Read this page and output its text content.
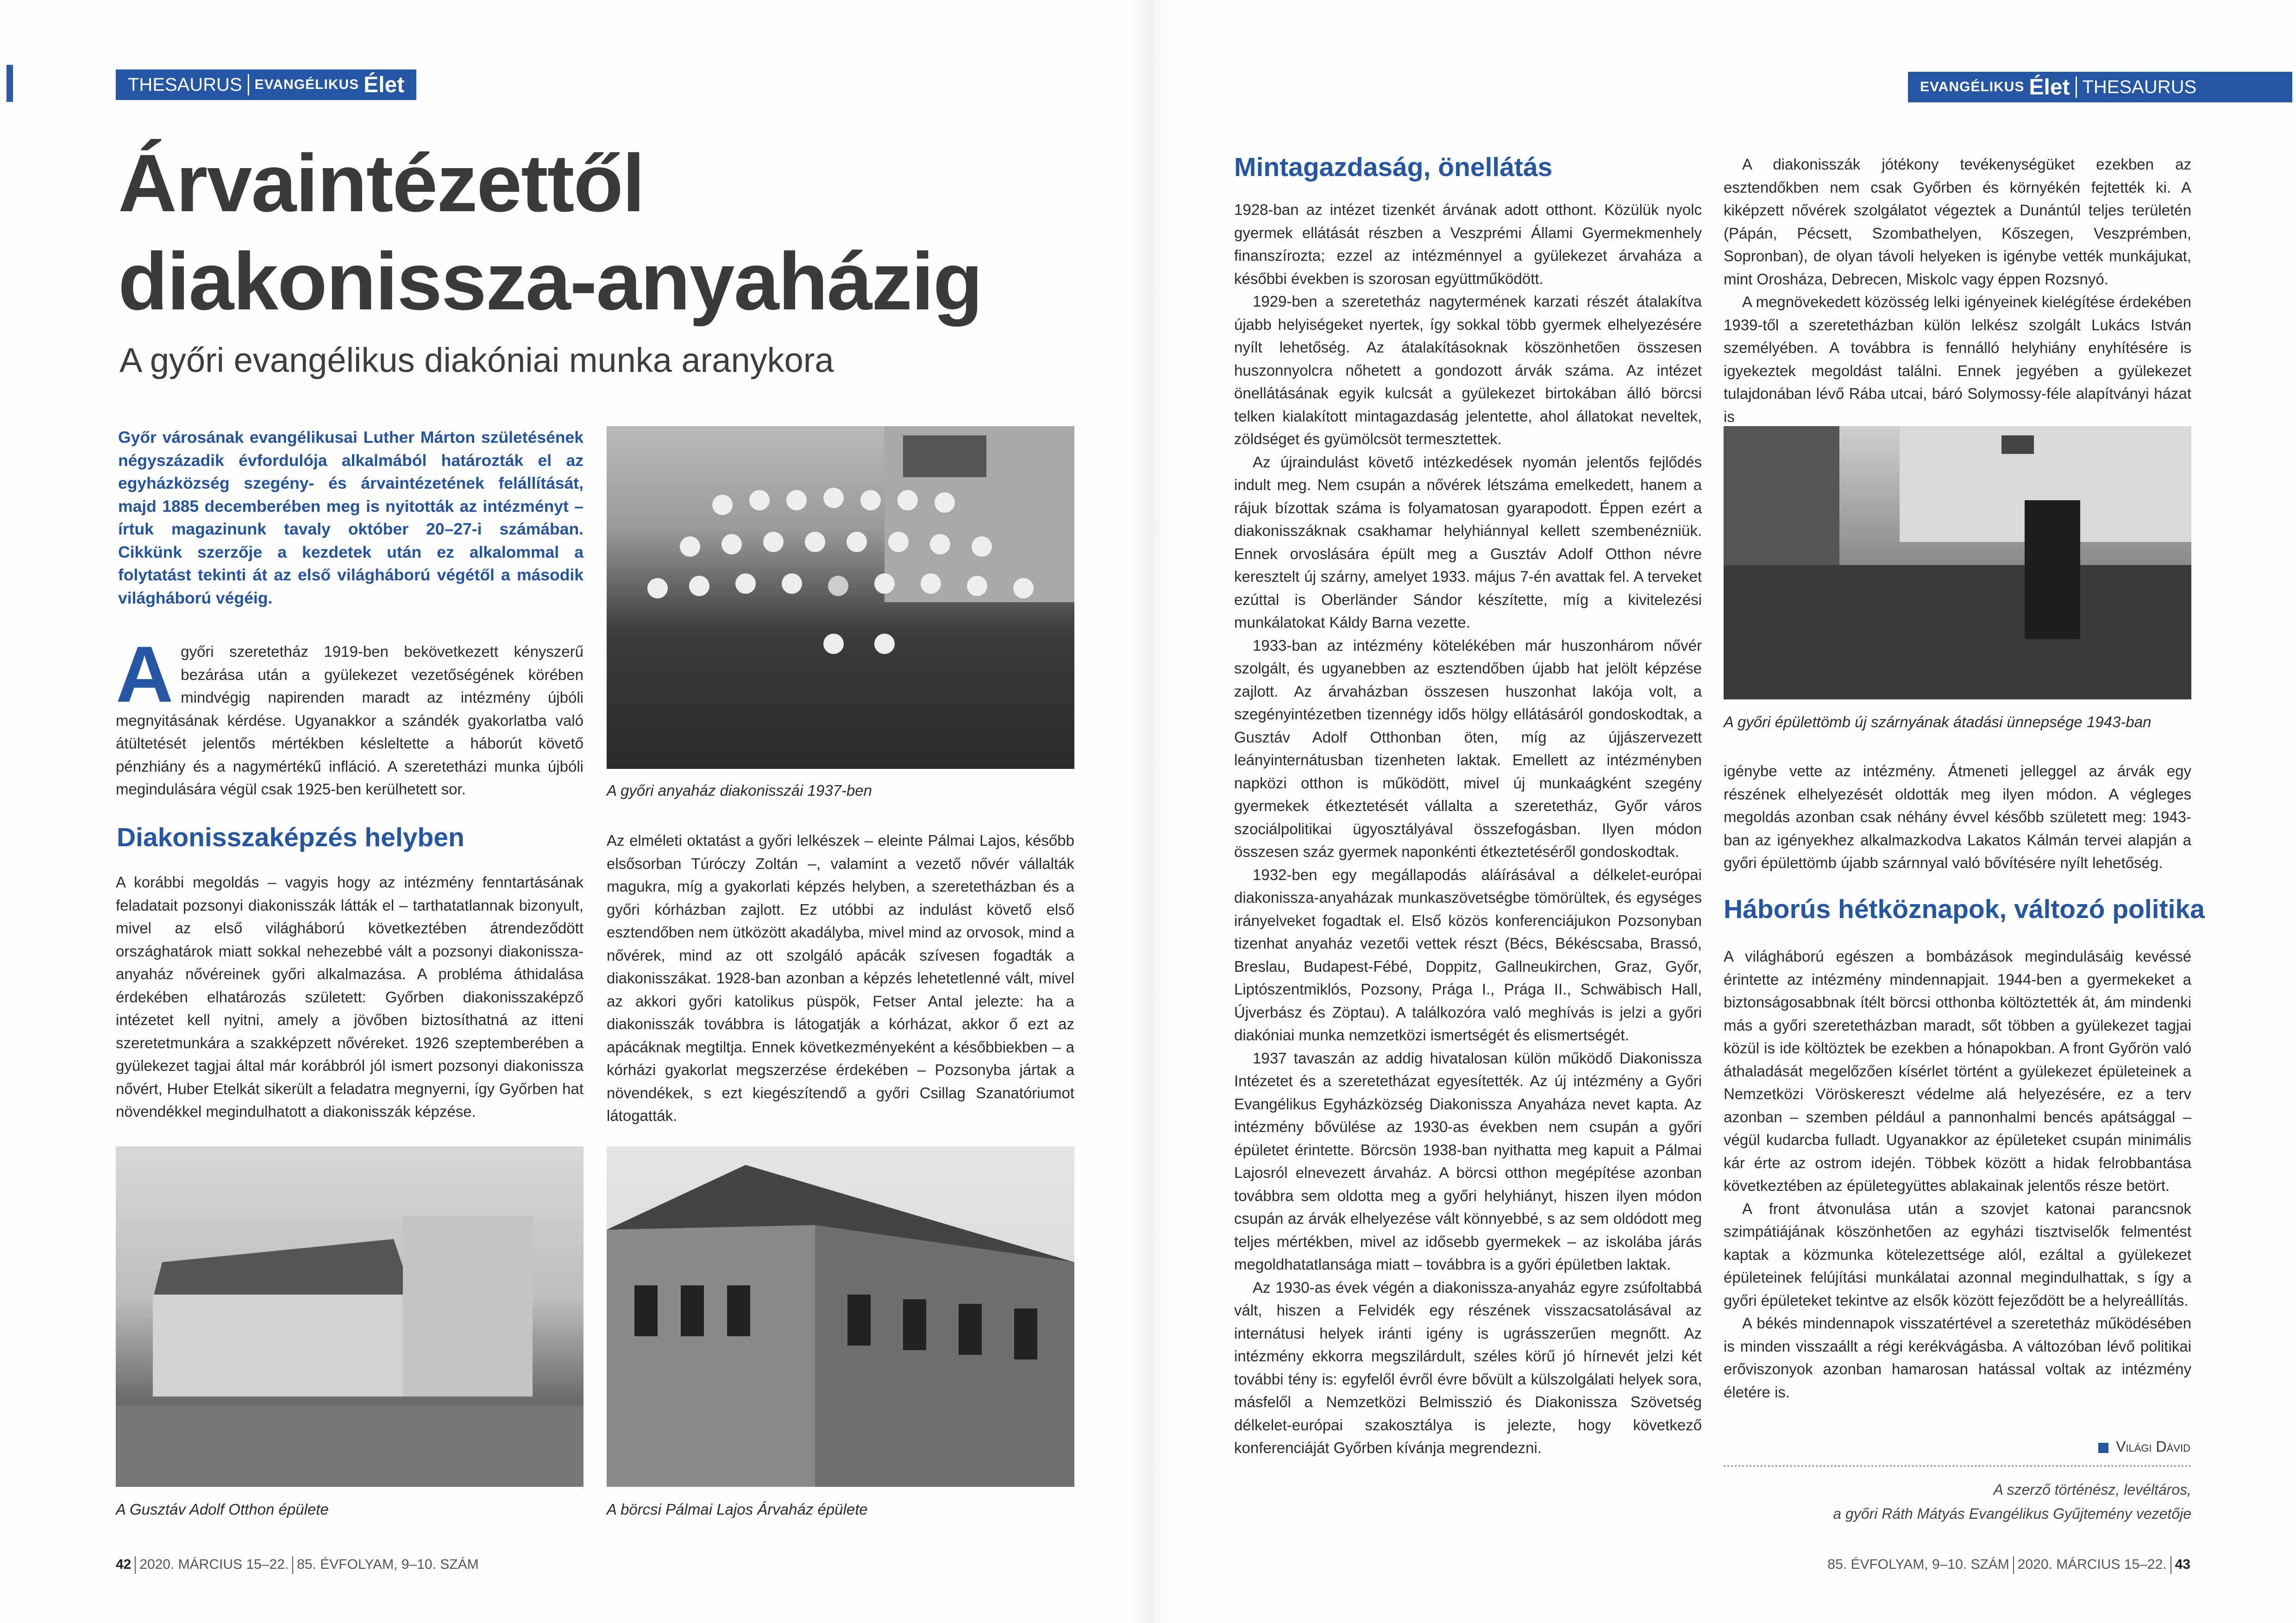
THESAURUS EVANGÉLIKUS Élet
Árvaintézettől
diakonissza-anyaházig
A győri evangélikus diakóniai munka aranykora
Győr városának evangélikusai Luther Márton születésének négyszázadik évfordulója alkalmából határozták el az egyházközség szegény- és árvaintézetének felállítását, majd 1885 decemberében meg is nyitották az intézményt – írtuk magazinunk tavaly október 20–27-i számában. Cikkünk szerzője a kezdetek után ez alkalommal a folytatást tekinti át az első világháború végétől a második világháború végéig.
A győri szeretetház 1919-ben bekövetkezett kényszerű bezárása után a gyülekezet vezetőségének körében mindvégig napirenden maradt az intézmény újbóli megnyitásának kérdése. Ugyanakkor a szándék gyakorlatba való átültetését jelentős mértékben késleltette a háborút követő pénzhiány és a nagymértékű infláció. A szeretetházi munka újbóli megindulására végül csak 1925-ben kerülhetett sor.

Diakonisszaképzés helyben

A korábbi megoldás – vagyis hogy az intézmény fenntartásának feladatait pozsonyi diakonisszák látták el – tarthatatlannak bizonyult, mivel az első világháború következtében átrendeződött országhatárok miatt sokkal nehezebbé vált a pozsonyi diakonissza-anyaház nővéreinek győri alkalmazása. A probléma áthidalása érdekében elhatározás született: Győrben diakonisszaképző intézetet kell nyitni, amely a jövőben biztosíthatná az itteni szeretetmunkára a szakképzett nővéreket. 1926 szeptemberében a gyülekezet tagjai által már korábbról jól ismert pozsonyi diakonissza nővért, Huber Etelkát sikerült a feladatra megnyerni, így Győrben hat növendékkel megindulhatott a diakonisszák képzése.

Az elméleti oktatást a győri lelkészek – eleinte Pálmai Lajos, később elsősorban Túróczy Zoltán –, valamint a vezető nővér vállalták magukra, míg a gyakorlati képzés helyben, a szeretetházban és a győri kórházban zajlott. Ez utóbbi az indulást követő első esztendőben nem ütközött akadályba, mivel mind az orvosok, mind a nővérek, mind az ott szolgáló apácák szívesen fogadták a diakonisszákat. 1928-ban azonban a képzés lehetetlenné vált, mivel az akkori győri katolikus püspök, Fetser Antal jelezte: ha a diakonisszák továbbra is látogatják a kórházat, akkor ő ezt az apácáknak megtiltja. Ennek következményeként a későbbiekben – a kórházi gyakorlat megszerzése érdekében – Pozsonyba jártak a növendékek, s ezt kiegészítendő a győri Csillag Szanatóriumot látogatták.

A győri anyaház diakonisszái 1937-ben
A Gusztáv Adolf Otthon épülete	A börcsi Pálmai Lajos Árvaház épülete
42 2020. MÁRCIUS 15–22. 85. ÉVFOLYAM, 9–10. SZÁM
EVANGÉLIKUS Élet THESAURUS
Mintagazdaság, önellátás

1928-ban az intézet tizenkét árvának adott otthont. Közülük nyolc gyermek ellátását részben a Veszprémi Állami Gyermekmenhely finanszírozta; ezzel az intézménnyel a gyülekezet árvaháza a későbbi években is szorosan együttműködött.

1929-ben a szeretetház nagytermének karzati részét átalakítva újabb helyiségeket nyertek, így sokkal több gyermek elhelyezésére nyílt lehetőség. Az átalakításoknak köszönhetően összesen huszonnyolcra nőhetett a gondozott árvák száma. Az intézet önellátásának egyik kulcsát a gyülekezet birtokában álló börcsi telken kialakított mintagazdaság jelentette, ahol állatokat neveltek, zöldséget és gyümölcsöt termesztettek.

Az újraindulást követő intézkedések nyomán jelentős fejlődés indult meg. Nem csupán a nővérek létszáma emelkedett, hanem a rájuk bízottak száma is folyamatosan gyarapodott. Éppen ezért a diakonisszáknak csakhamar helyhiánnyal kellett szembenézniük. Ennek orvoslására épült meg a Gusztáv Adolf Otthon névre keresztelt új szárny, amelyet 1933. május 7-én avattak fel. A terveket ezúttal is Oberländer Sándor készítette, míg a kivitelezési munkálatokat Káldy Barna vezette.

1933-ban az intézmény kötelékében már huszonhárom nővér szolgált, és ugyanebben az esztendőben újabb hat jelölt képzése zajlott. Az árvaházban összesen huszonhat lakója volt, a szegényintézetben tizennégy idős hölgy ellátásáról gondoskodtak, a Gusztáv Adolf Otthonban öten, míg az újjászervezett leányinternátusban tizenheten laktak. Emellett az intézményben napközi otthon is működött, mivel új munkaágként szegény gyermekek étkeztetését vállalta a szeretetház, Győr város szociálpolitikai ügyosztályával összefogásban. Ilyen módon összesen száz gyermek naponkénti étkeztetéséről gondoskodtak.

1932-ben egy megállapodás aláírásával a délkelet-európai diakonissza-anyaházak munkaszövetségbe tömörültek, és egységes irányelveket fogadtak el. Első közös konferenciájukon Pozsonyban tizenhat anyaház vezetői vettek részt (Bécs, Békéscsaba, Brassó, Breslau, Budapest-Fébé, Doppitz, Gallneukirchen, Graz, Győr, Liptószentmiklós, Pozsony, Prága I., Prága II., Schwäbisch Hall, Újverbász és Zöptau). A találkozóra való meghívás is jelzi a győri diakóniai munka nemzetközi ismertségét és elismertségét.

1937 tavaszán az addig hivatalosan külön működő Diakonissza Intézetet és a szeretetházat egyesítették. Az új intézmény a Győri Evangélikus Egyházközség Diakonissza Anyaháza nevet kapta. Az intézmény bővülése az 1930-as években nem csupán a győri épületet érintette. Börcsön 1938-ban nyithatta meg kapuit a Pálmai Lajosról elnevezett árvaház. A börcsi otthon megépítése azonban továbbra sem oldotta meg a győri helyhiányt, hiszen ilyen módon csupán az árvák elhelyezése vált könnyebbé, s az sem oldódott meg teljes mértékben, mivel az idősebb gyermekek – az iskolába járás megoldhatatlansága miatt – továbbra is a győri épületben laktak.

Az 1930-as évek végén a diakonissza-anyaház egyre zsúfoltabbá vált, hiszen a Felvidék egy részének visszacsatolásával az internátusi helyek iránti igény is ugrásszerűen megnőtt. Az intézmény ekkorra megszilárdult, széles körű jó hírnevét jelzi két további tény is: egyfelől évről évre bővült a külszolgálati helyek sora, másfelől a Nemzetközi Belmisszió és Diakonissza Szövetség délkelet-európai szakosztálya is jelezte, hogy következő konferenciáját Győrben kívánja megrendezni.

A diakonisszák jótékony tevékenységüket ezekben az esztendőkben nem csak Győrben és környékén fejtették ki. A kiképzett nővérek szolgálatot végeztek a Dunántúl teljes területén (Pápán, Pécsett, Szombathelyen, Kőszegen, Veszprémben, Sopronban), de olyan távoli helyeken is igénybe vették munkájukat, mint Orosháza, Debrecen, Miskolc vagy éppen Rozsnyó.

A megnövekedett közösség lelki igényeinek kielégítése érdekében 1939-től a szeretetházban külön lelkész szolgált Lukács István személyében. A továbbra is fennálló helyhiány enyhítésére is igyekeztek megoldást találni. Ennek jegyében a gyülekezet tulajdonában lévő Rába utcai, báró Solymossy-féle alapítványi házat is

A győri épülettömb új szárnyának átadási ünnepsége 1943-ban

igénybe vette az intézmény. Átmeneti jelleggel az árvák egy részének elhelyezését oldották meg ilyen módon. A végleges megoldás azonban csak néhány évvel később született meg: 1943-ban az igényekhez alkalmazkodva Lakatos Kálmán tervei alapján a győri épülettömb újabb szárnnyal való bővítésére nyílt lehetőség.

Háborús hétköznapok, változó politika

A világháború egészen a bombázások megindulásáig kevéssé érintette az intézmény mindennapjait. 1944-ben a gyermekeket a biztonságosabbnak ítélt börcsi otthonba költöztették át, ám mindenki más a győri szeretetházban maradt, sőt többen a gyülekezet tagjai közül is ide költöztek be ezekben a hónapokban. A front Győrön való áthaladását megelőzően kísérlet történt a gyülekezet épületeinek a Nemzetközi Vöröskereszt védelme alá helyezésére, ez a terv azonban – szemben például a pannonhalmi bencés apátsággal – végül kudarcba fulladt. Ugyanakkor az épületeket csupán minimális kár érte az ostrom idején. Többek között a hidak felrobbantása következtében az épületegyüttes ablakainak jelentős része betört.

A front átvonulása után a szovjet katonai parancsnok szimpátiájának köszönhetően az egyházi tisztviselők felmentést kaptak a közmunka kötelezettsége alól, ezáltal a gyülekezet épületeinek felújítási munkálatai azonnal megindulhattak, s így a győri épületeket tekintve az elsők között fejeződött be a helyreállítás.

A békés mindennapok visszatértével a szeretetház működésében is minden visszaállt a régi kerékvágásba. A változóban lévő politikai erőviszonyok azonban hamarosan hatással voltak az intézmény életére is.

Világi Dávid
A szerző történész, levéltáros,
a győri Ráth Mátyás Evangélikus Gyűjtemény vezetője
85. ÉVFOLYAM, 9–10. SZÁM 2020. MÁRCIUS 15–22. 43
